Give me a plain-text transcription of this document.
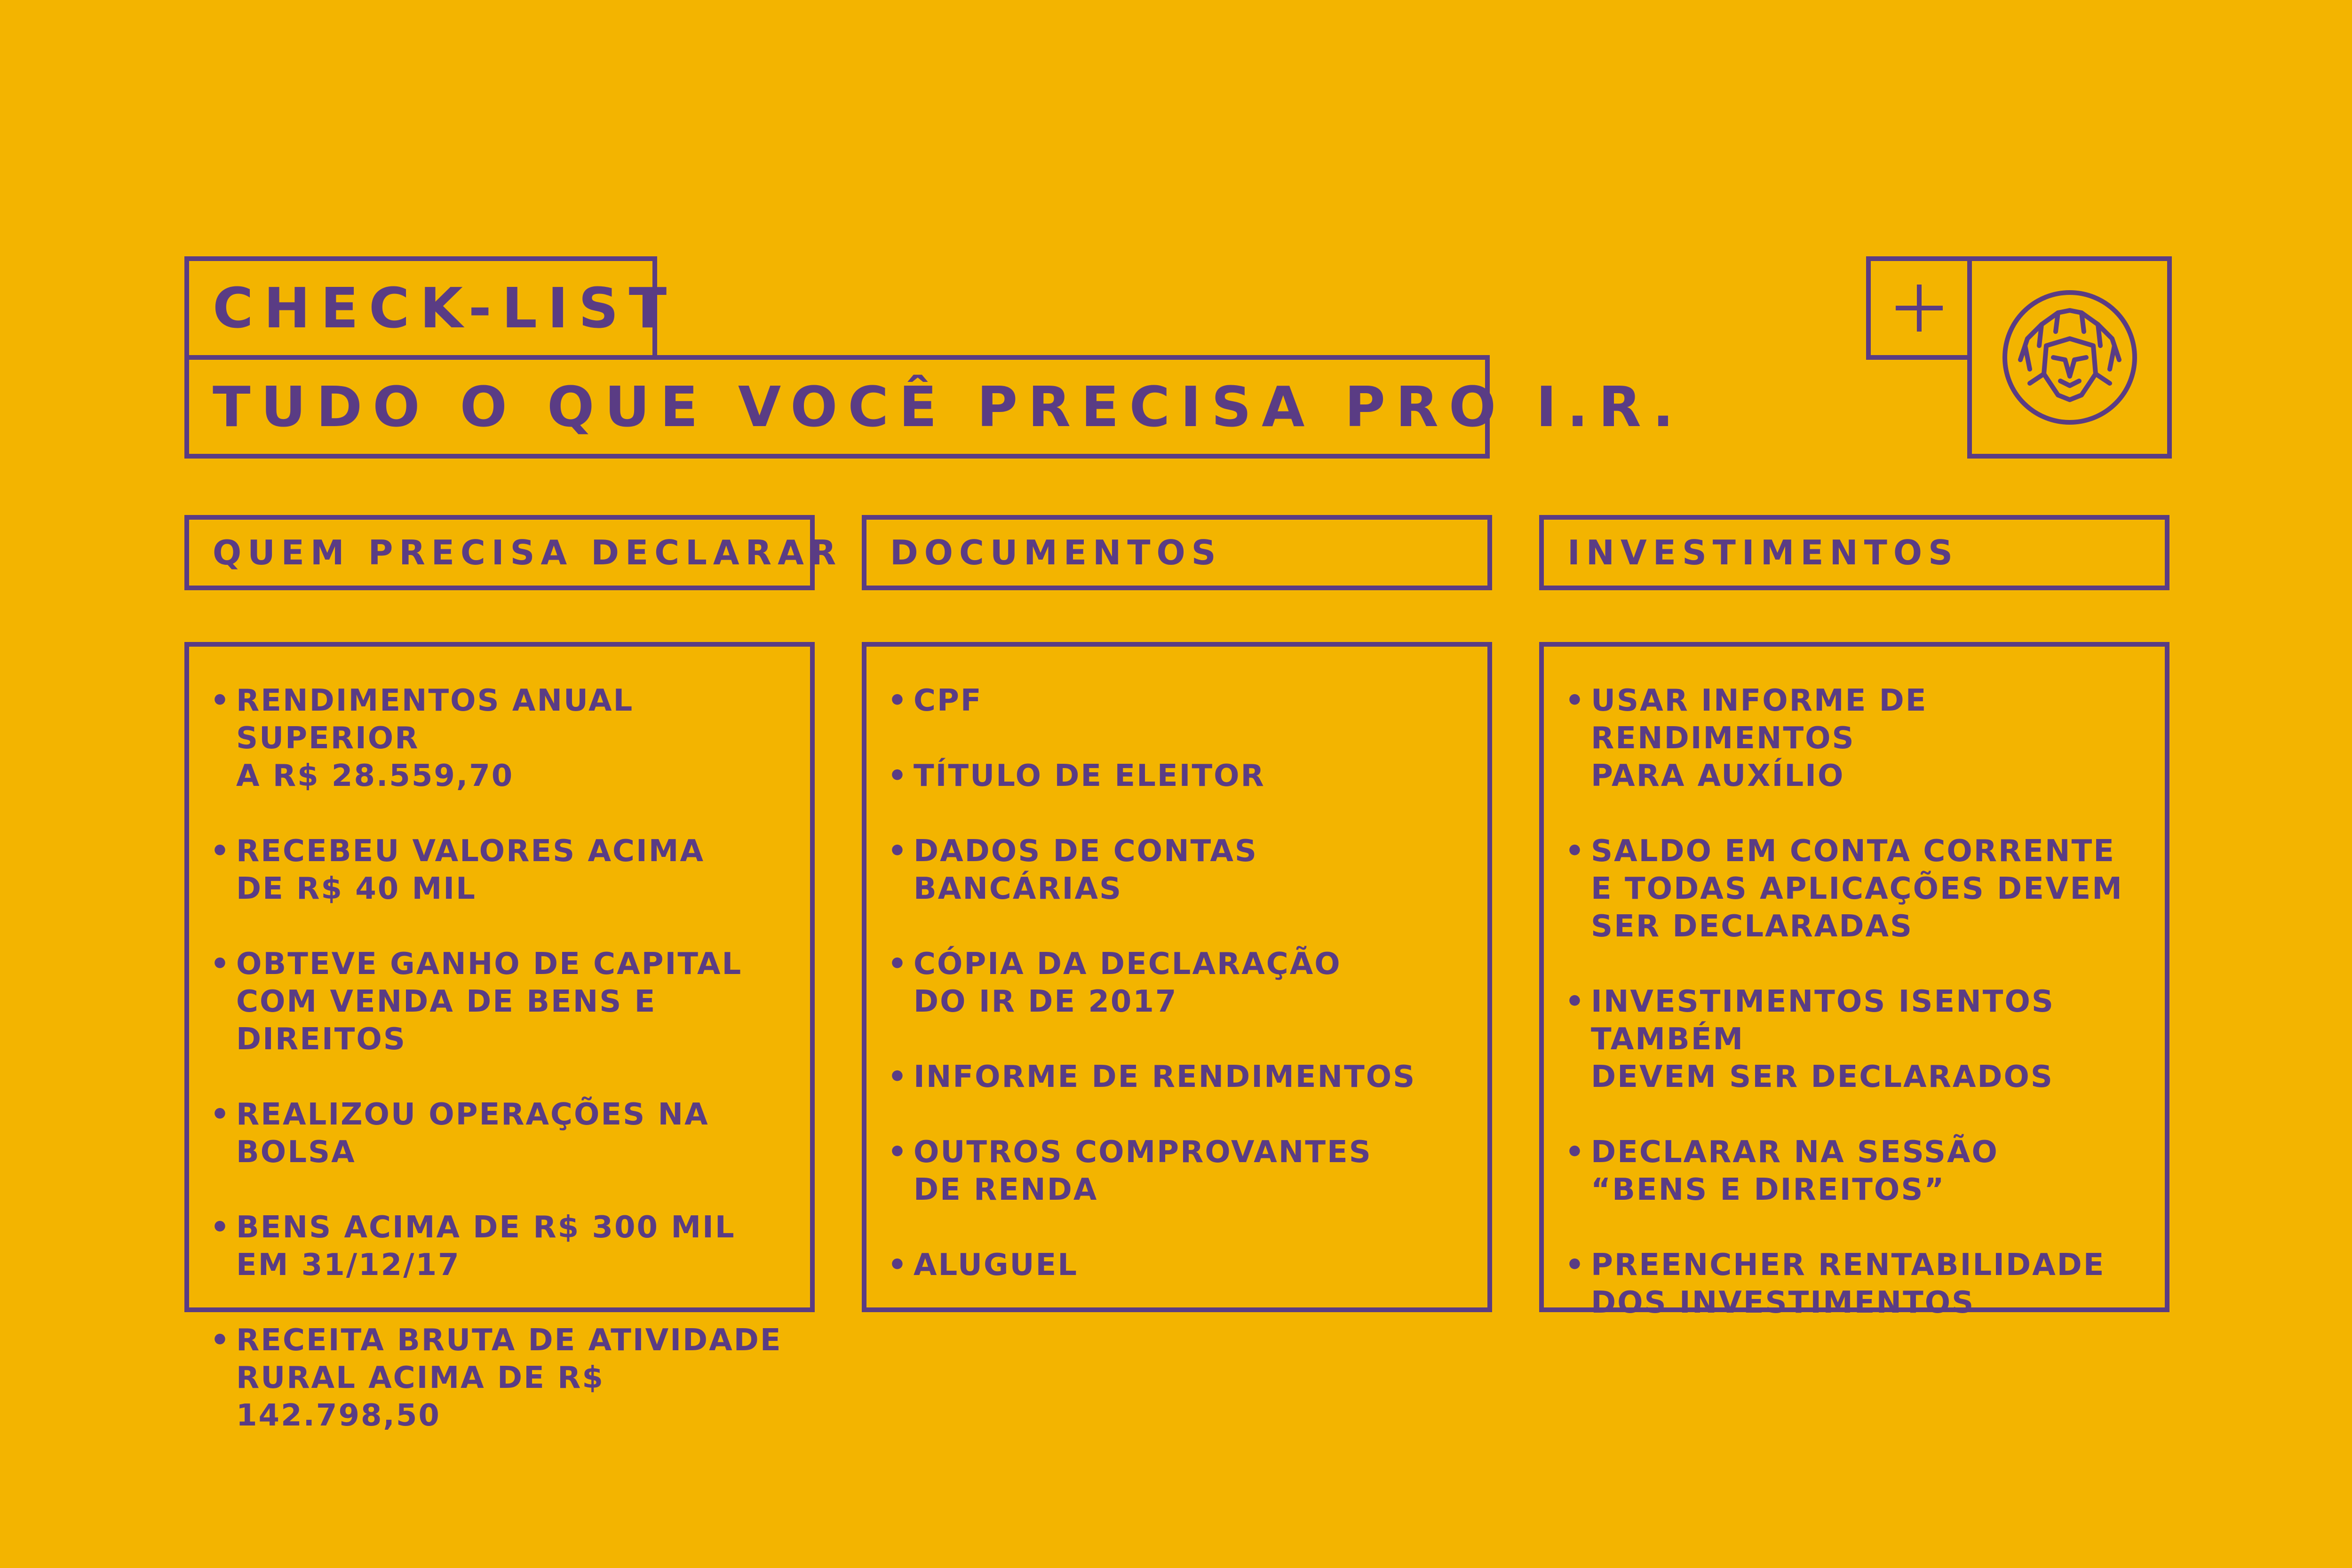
CHECK-LIST
TUDO O QUE VOCÊ PRECISA PRO I.R.
QUEM PRECISA DECLARAR DOCUMENTOS	INVESTIMENTOS
• RENDIMENTOS ANUAL SUPERIOR
A R$ 28.559,70
• RECEBEU VALORES ACIMA
DE R$ 40 MIL
• OBTEVE GANHO DE CAPITAL
COM VENDA DE BENS E DIREITOS
• REALIZOU OPERAÇÕES NA BOLSA
• BENS ACIMA DE R$ 300 MIL
EM 31/12/17
• RECEITA BRUTA DE ATIVIDADE
RURAL ACIMA DE R$ 142.798,50
• CPF
• TÍTULO DE ELEITOR
• DADOS DE CONTAS BANCÁRIAS
• CÓPIA DA DECLARAÇÃO
DO IR DE 2017
• INFORME DE RENDIMENTOS
• OUTROS COMPROVANTES
DE RENDA
• ALUGUEL
• USAR INFORME DE RENDIMENTOS
PARA AUXÍLIO
• SALDO EM CONTA CORRENTE
E TODAS APLICAÇÕES DEVEM
SER DECLARADAS
• INVESTIMENTOS ISENTOS TAMBÉM
DEVEM SER DECLARADOS
• DECLARAR NA SESSÃO
“BENS E DIREITOS”
• PREENCHER RENTABILIDADE
DOS INVESTIMENTOS
